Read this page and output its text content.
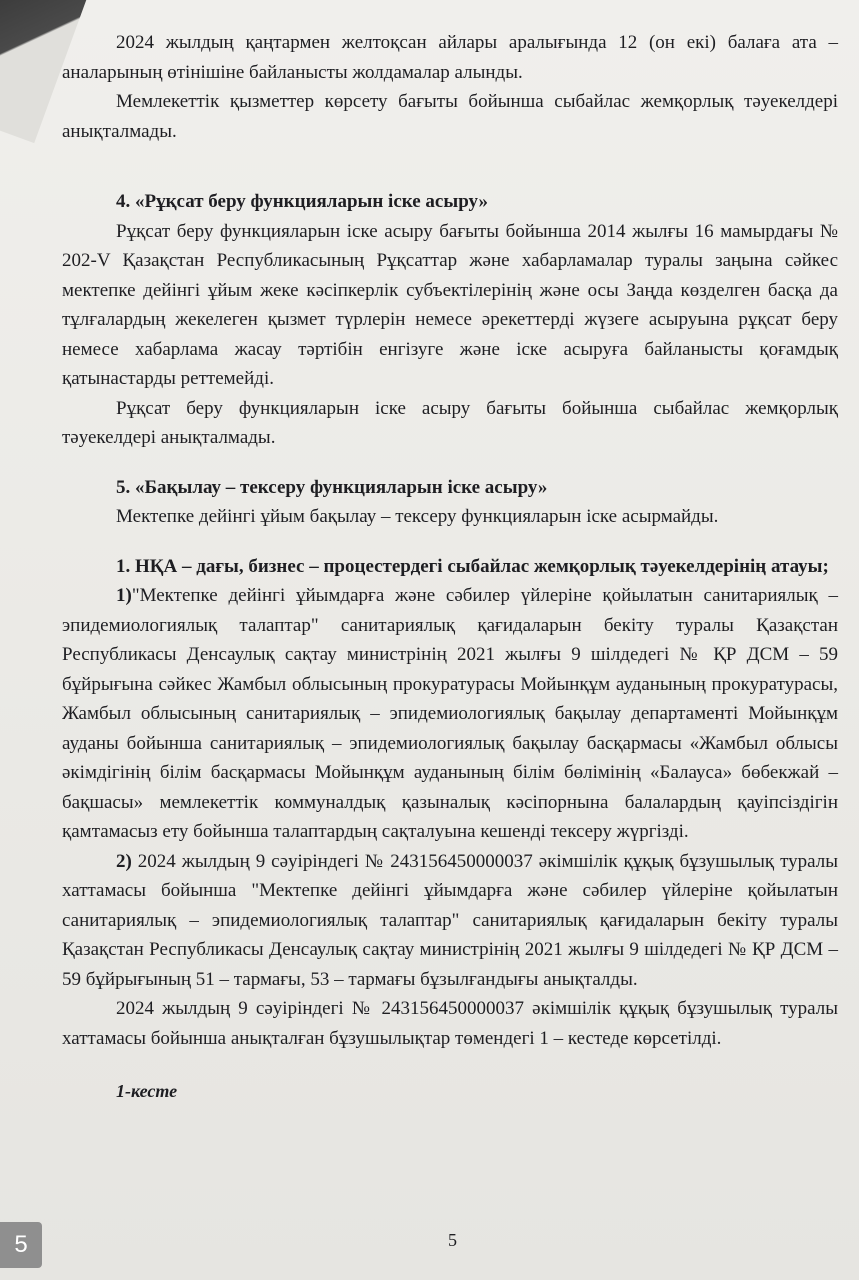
2024 жылдың қаңтармен желтоқсан айлары аралығында 12 (он екі) балаға ата – аналарының өтінішіне байланысты жолдамалар алынды.

Мемлекеттік қызметтер көрсету бағыты бойынша сыбайлас жемқорлық тәуекелдері анықталмады.

4. «Рұқсат беру функцияларын іске асыру»

Рұқсат беру функцияларын іске асыру бағыты бойынша 2014 жылғы 16 мамырдағы № 202-V Қазақстан Республикасының Рұқсаттар және хабарламалар туралы заңына сәйкес мектепке дейінгі ұйым жеке кәсіпкерлік субъектілерінің және осы Заңда көзделген басқа да тұлғалардың жекелеген қызмет түрлерін немесе әрекеттерді жүзеге асыруына рұқсат беру немесе хабарлама жасау тәртібін енгізуге және іске асыруға байланысты қоғамдық қатынастарды реттемейді.

Рұқсат беру функцияларын іске асыру бағыты бойынша сыбайлас жемқорлық тәуекелдері анықталмады.

5. «Бақылау – тексеру функцияларын іске асыру»

Мектепке дейінгі ұйым бақылау – тексеру функцияларын іске асырмайды.

1. НҚА – дағы, бизнес – процестердегі сыбайлас жемқорлық тәуекелдерінің атауы;

1)"Мектепке дейінгі ұйымдарға және сәбилер үйлеріне қойылатын санитариялық – эпидемиологиялық талаптар" санитариялық қағидаларын бекіту туралы Қазақстан Республикасы Денсаулық сақтау министрінің 2021 жылғы 9 шілдедегі № ҚР ДСМ – 59 бұйрығына сәйкес Жамбыл облысының прокуратурасы Мойынқұм ауданының прокуратурасы, Жамбыл облысының санитариялық – эпидемиологиялық бақылау департаменті Мойынқұм ауданы бойынша санитариялық – эпидемиологиялық бақылау басқармасы «Жамбыл облысы әкімдігінің білім басқармасы Мойынқұм ауданының білім бөлімінің «Балауса» бөбекжай – бақшасы» мемлекеттік коммуналдық қазыналық кәсіпорнына балалардың қауіпсіздігін қамтамасыз ету бойынша талаптардың сақталуына кешенді тексеру жүргізді.

2) 2024 жылдың 9 сәуіріндегі № 243156450000037 әкімшілік құқық бұзушылық туралы хаттамасы бойынша "Мектепке дейінгі ұйымдарға және сәбилер үйлеріне қойылатын санитариялық – эпидемиологиялық талаптар" санитариялық қағидаларын бекіту туралы Қазақстан Республикасы Денсаулық сақтау министрінің 2021 жылғы 9 шілдедегі № ҚР ДСМ – 59 бұйрығының 51 – тармағы, 53 – тармағы бұзылғандығы анықталды.

2024 жылдың 9 сәуіріндегі № 243156450000037 әкімшілік құқық бұзушылық туралы хаттамасы бойынша анықталған бұзушылықтар төмендегі 1 – кестеде көрсетілді.

1-кесте
5
5
